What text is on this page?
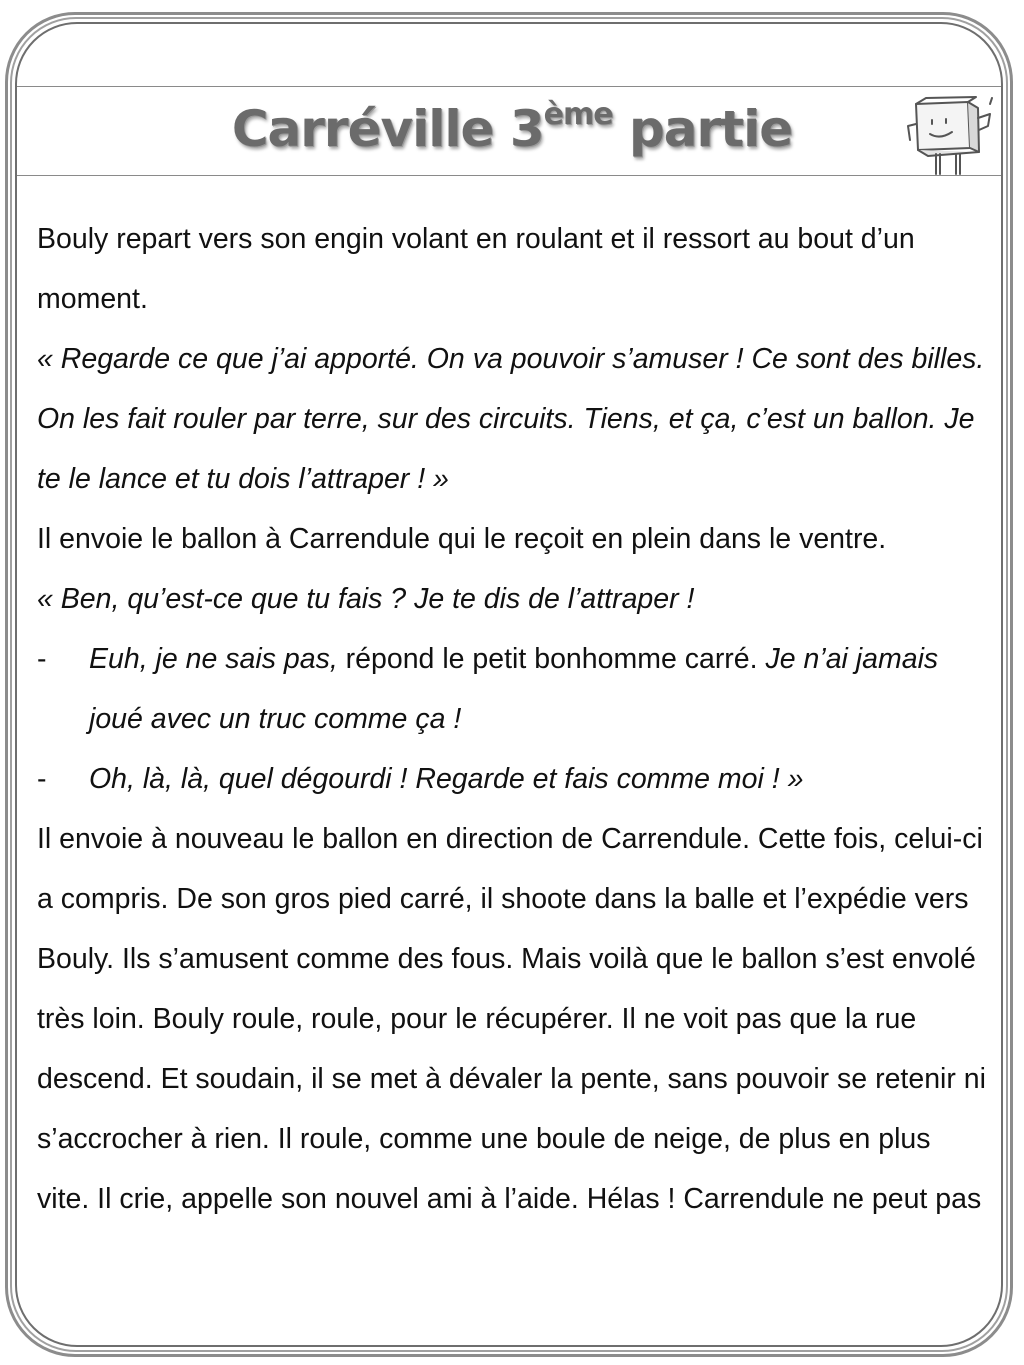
Carréville 3ème partie

Bouly repart vers son engin volant en roulant et il ressort au bout d’un moment.

« Regarde ce que j’ai apporté. On va pouvoir s’amuser ! Ce sont des billes. On les fait rouler par terre, sur des circuits. Tiens, et ça, c’est un ballon. Je te le lance et tu dois l’attraper ! »

Il envoie le ballon à Carrendule qui le reçoit en plein dans le ventre.

« Ben, qu’est-ce que tu fais ? Je te dis de l’attraper !

- Euh, je ne sais pas, répond le petit bonhomme carré. Je n’ai jamais joué avec un truc comme ça !

- Oh, là, là, quel dégourdi ! Regarde et fais comme moi ! »

Il envoie à nouveau le ballon en direction de Carrendule. Cette fois, celui-ci a compris. De son gros pied carré, il shoote dans la balle et l’expédie vers Bouly. Ils s’amusent comme des fous. Mais voilà que le ballon s’est envolé très loin. Bouly roule, roule, pour le récupérer. Il ne voit pas que la rue descend. Et soudain, il se met à dévaler la pente, sans pouvoir se retenir ni s’accrocher à rien. Il roule, comme une boule de neige, de plus en plus vite. Il crie, appelle son nouvel ami à l’aide. Hélas ! Carrendule ne peut pas
